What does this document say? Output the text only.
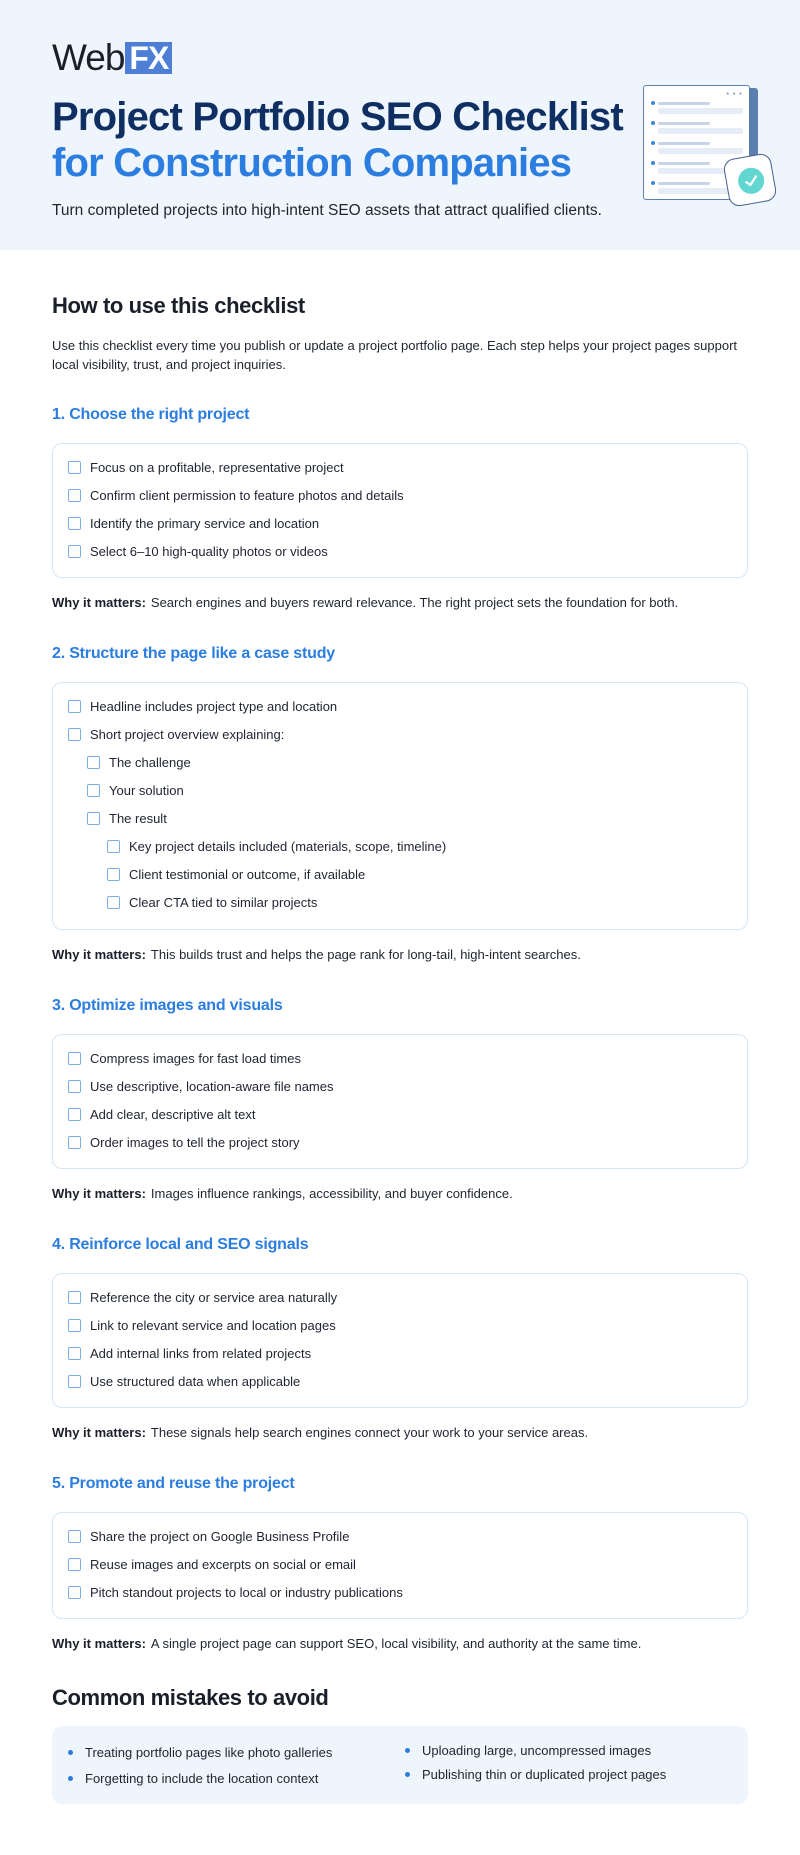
Web FX
Project Portfolio SEO Checklist
for Construction Companies

Turn completed projects into high-intent SEO assets that attract qualified clients.

● ● ●
How to use this checklist

Use this checklist every time you publish or update a project portfolio page. Each step helps your project pages support local visibility, trust, and project inquiries.

1. Choose the right project
Focus on a profitable, representative project
Confirm client permission to feature photos and details
Identify the primary service and location
Select 6–10 high-quality photos or videos

Why it matters: Search engines and buyers reward relevance. The right project sets the foundation for both.

2. Structure the page like a case study
Headline includes project type and location
Short project overview explaining:
The challenge
Your solution
The result
Key project details included (materials, scope, timeline)
Client testimonial or outcome, if available
Clear CTA tied to similar projects

Why it matters: This builds trust and helps the page rank for long-tail, high-intent searches.

3. Optimize images and visuals
Compress images for fast load times
Use descriptive, location-aware file names
Add clear, descriptive alt text
Order images to tell the project story

Why it matters: Images influence rankings, accessibility, and buyer confidence.

4. Reinforce local and SEO signals
Reference the city or service area naturally
Link to relevant service and location pages
Add internal links from related projects
Use structured data when applicable

Why it matters: These signals help search engines connect your work to your service areas.

5. Promote and reuse the project
Share the project on Google Business Profile
Reuse images and excerpts on social or email
Pitch standout projects to local or industry publications

Why it matters: A single project page can support SEO, local visibility, and authority at the same time.

Common mistakes to avoid
Treating portfolio pages like photo galleries
Forgetting to include the location context
Uploading large, uncompressed images
Publishing thin or duplicated project pages
